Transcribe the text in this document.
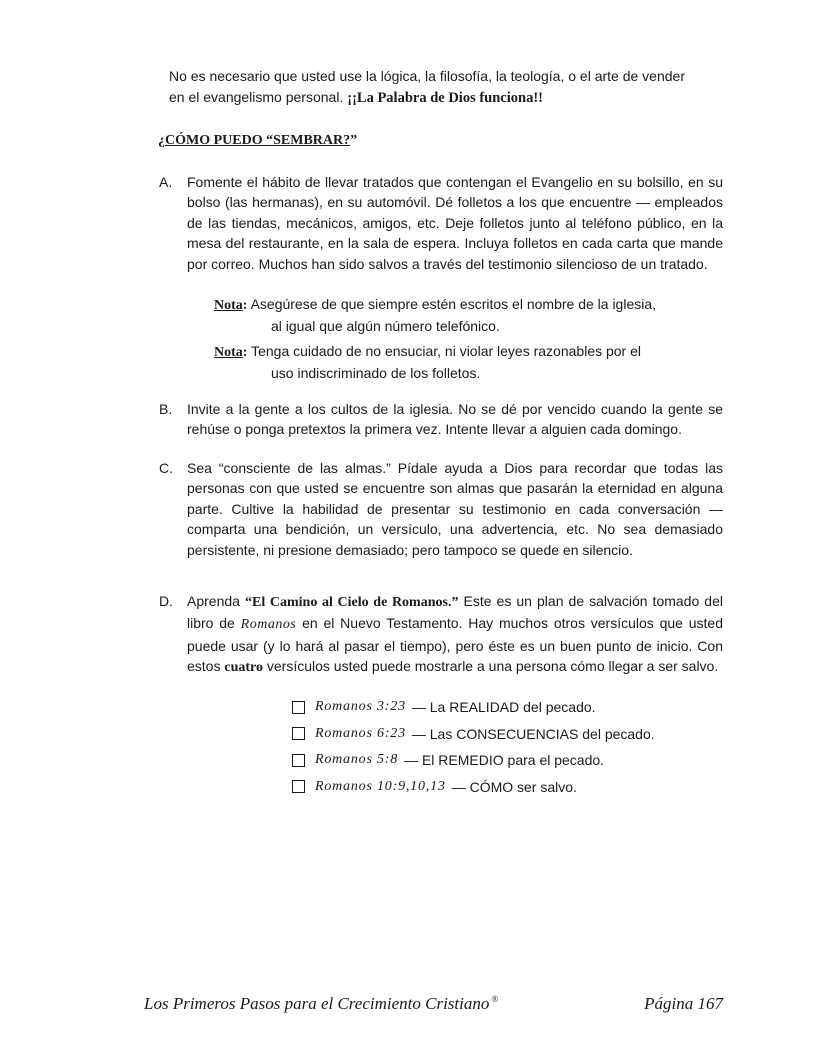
No es necesario que usted use la lógica, la filosofía, la teología, o el arte de vender en el evangelismo personal. ¡¡La Palabra de Dios funciona!!

¿CÓMO PUEDO “SEMBRAR?”
A.	Fomente el hábito de llevar tratados que contengan el Evangelio en su bolsillo, en su bolso (las hermanas), en su automóvil. Dé folletos a los que encuentre — empleados de las tiendas, mecánicos, amigos, etc. Deje folletos junto al teléfono público, en la mesa del restaurante, en la sala de espera. Incluya folletos en cada carta que mande por correo. Muchos han sido salvos a través del testimonio silencioso de un tratado.
Nota: Asegúrese de que siempre estén escritos el nombre de la iglesia,
al igual que algún número telefónico.
Nota: Tenga cuidado de no ensuciar, ni violar leyes razonables por el
uso indiscriminado de los folletos.
B.	Invite a la gente a los cultos de la iglesia. No se dé por vencido cuando la gente se rehúse o ponga pretextos la primera vez. Intente llevar a alguien cada domingo.
C.	Sea “consciente de las almas.” Pídale ayuda a Dios para recordar que todas las personas con que usted se encuentre son almas que pasarán la eternidad en alguna parte. Cultive la habilidad de presentar su testimonio en cada conversación — comparta una bendición, un versículo, una advertencia, etc. No sea demasiado persistente, ni presione demasiado; pero tampoco se quede en silencio.
D.	Aprenda “El Camino al Cielo de Romanos.” Este es un plan de salvación tomado del libro de Romanos en el Nuevo Testamento. Hay muchos otros versículos que usted puede usar (y lo hará al pasar el tiempo), pero éste es un buen punto de inicio. Con estos cuatro versículos usted puede mostrarle a una persona cómo llegar a ser salvo.
Romanos 3:23 — La REALIDAD del pecado.
Romanos 6:23 — Las CONSECUENCIAS del pecado.
Romanos 5:8 — El REMEDIO para el pecado.
Romanos 10:9,10,13 — CÓMO ser salvo.
Los Primeros Pasos para el Crecimiento Cristiano ®	Página 167
